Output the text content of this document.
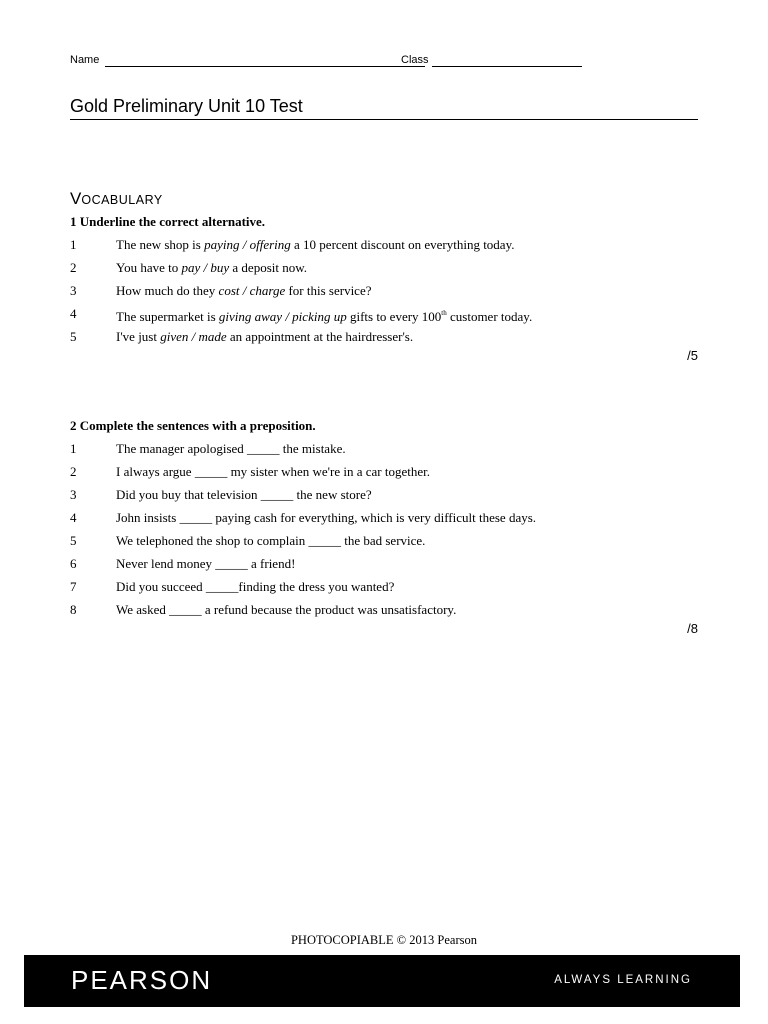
Name	Class
Gold Preliminary Unit 10 Test
VOCABULARY
1 Underline the correct alternative.
1	The new shop is paying / offering a 10 percent discount on everything today.
2	You have to pay / buy a deposit now.
3	How much do they cost / charge for this service?
4	The supermarket is giving away / picking up gifts to every 100th customer today.
5	I've just given / made an appointment at the hairdresser's.
/5
2 Complete the sentences with a preposition.
1	The manager apologised _____ the mistake.
2	I always argue _____ my sister when we're in a car together.
3	Did you buy that television _____ the new store?
4	John insists _____ paying cash for everything, which is very difficult these days.
5	We telephoned the shop to complain _____ the bad service.
6	Never lend money _____ a friend!
7	Did you succeed _____finding the dress you wanted?
8	We asked _____ a refund because the product was unsatisfactory.
/8
PHOTOCOPIABLE © 2013 Pearson
PEARSON	ALWAYS LEARNING
